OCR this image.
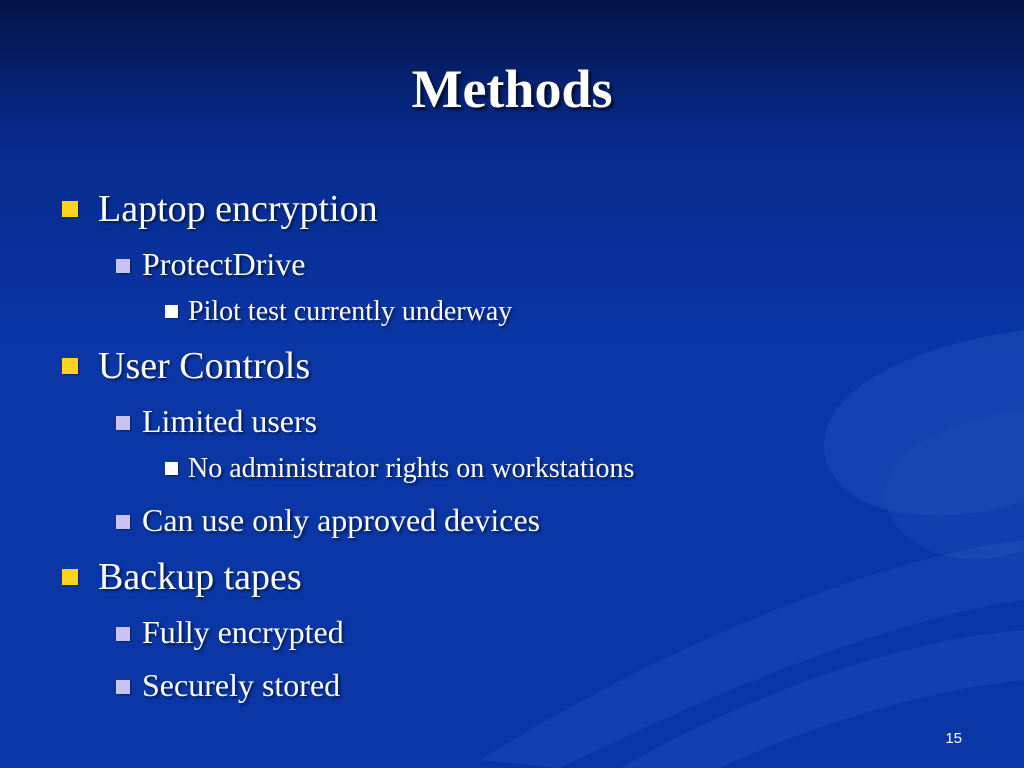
Methods
Laptop encryption
ProtectDrive
Pilot test currently underway
User Controls
Limited users
No administrator rights on workstations
Can use only approved devices
Backup tapes
Fully encrypted
Securely stored
15
